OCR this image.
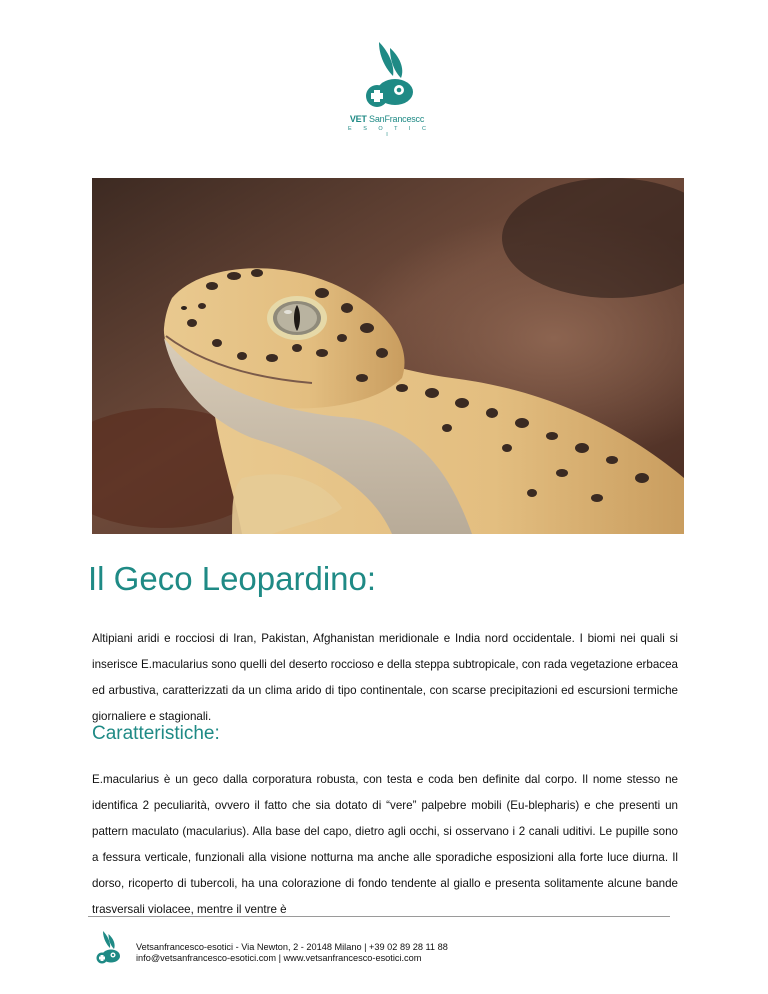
VET SanFrancescc
E S O T I C I
Il Geco Leopardino:

Altipiani aridi e rocciosi di Iran, Pakistan, Afghanistan meridionale e India nord occidentale. I biomi nei quali si inserisce E.macularius sono quelli del deserto roccioso e della steppa subtropicale, con rada vegetazione erbacea ed arbustiva, caratterizzati da un clima arido di tipo continentale, con scarse precipitazioni ed escursioni termiche giornaliere e stagionali.

Caratteristiche:

E.macularius è un geco dalla corporatura robusta, con testa e coda ben definite dal corpo. Il nome stesso ne identifica 2 peculiarità, ovvero il fatto che sia dotato di “vere” palpebre mobili (Eu-blepharis) e che presenti un pattern maculato (macularius). Alla base del capo, dietro agli occhi, si osservano i 2 canali uditivi. Le pupille sono a fessura verticale, funzionali alla visione notturna ma anche alle sporadiche esposizioni alla forte luce diurna. Il dorso, ricoperto di tubercoli, ha una colorazione di fondo tendente al giallo e presenta solitamente alcune bande trasversali violacee, mentre il ventre è

Vetsanfrancesco-esotici - Via Newton, 2 - 20148 Milano | +39 02 89 28 11 88
info@vetsanfrancesco-esotici.com | www.vetsanfrancesco-esotici.com
